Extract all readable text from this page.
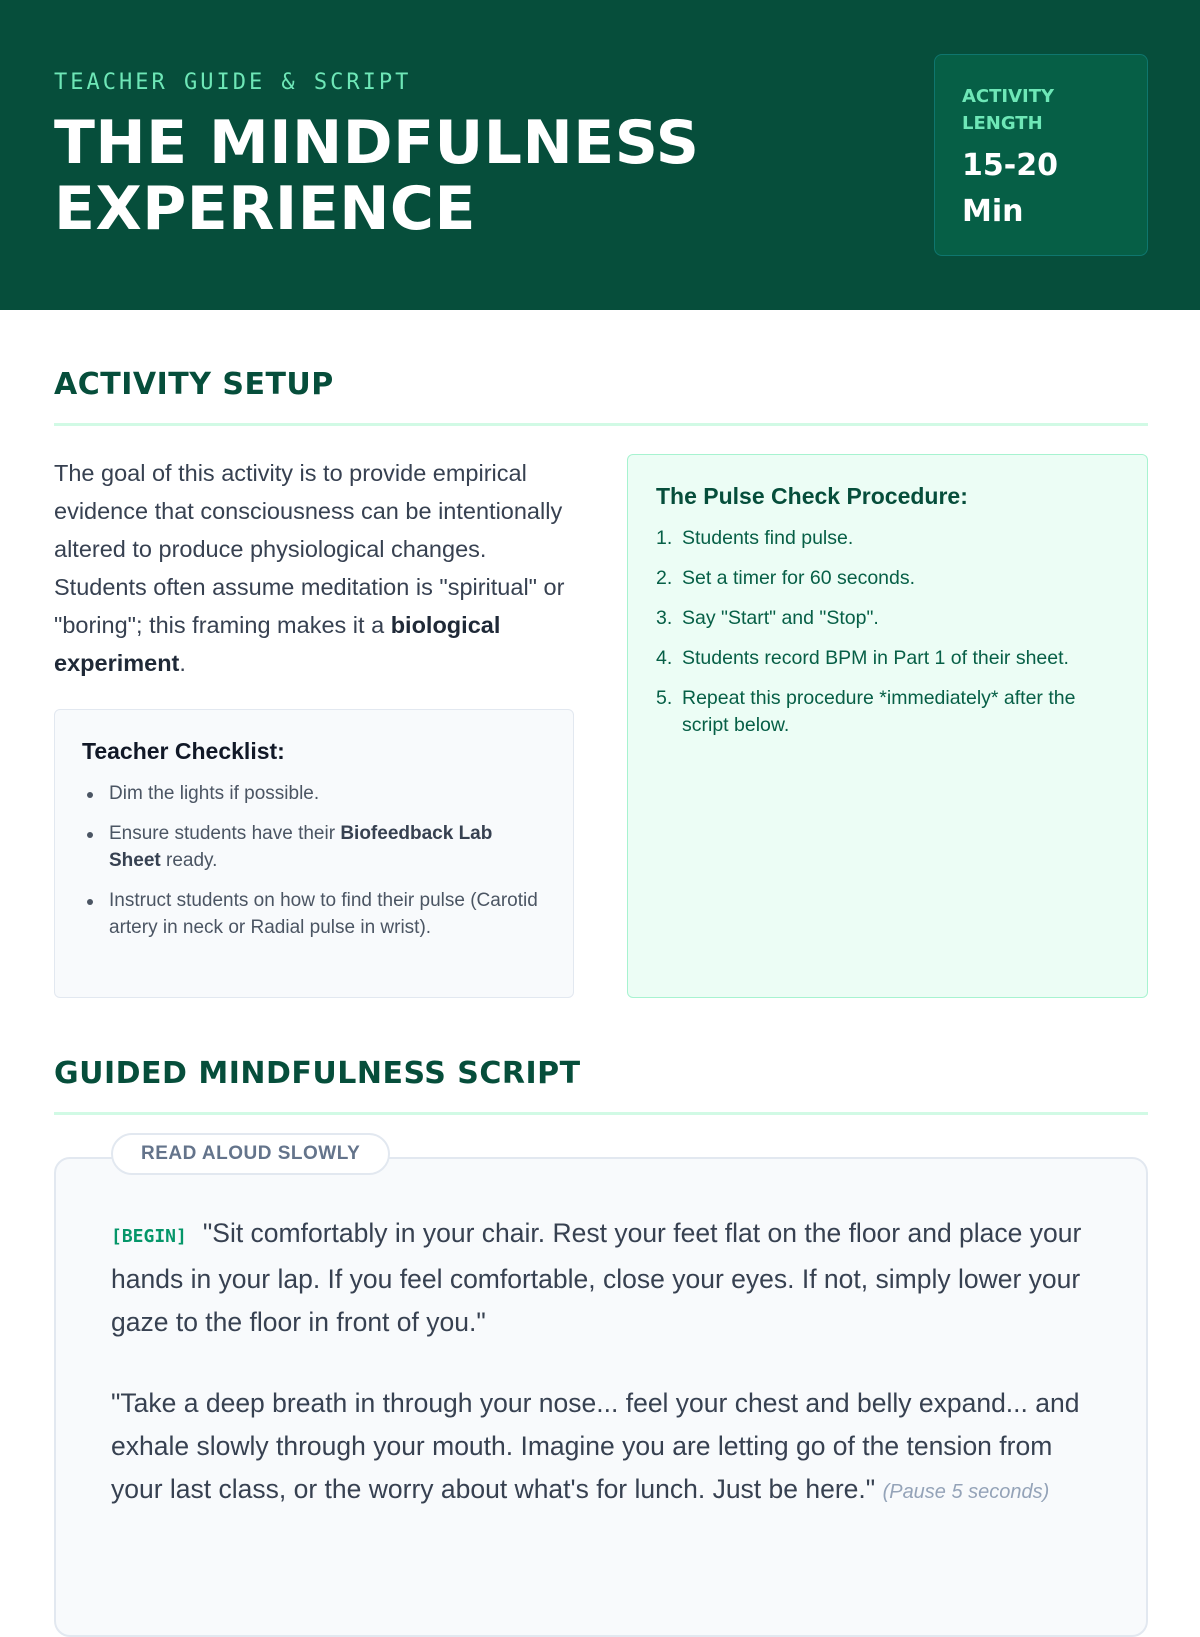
TEACHER GUIDE & SCRIPT
THE MINDFULNESS
EXPERIENCE
ACTIVITY
LENGTH
15-20
Min
ACTIVITY SETUP

The goal of this activity is to provide empirical evidence that consciousness can be intentionally altered to produce physiological changes. Students often assume meditation is "spiritual" or "boring"; this framing makes it a biological experiment.

Teacher Checklist:
Dim the lights if possible.
Ensure students have their Biofeedback Lab Sheet ready.
Instruct students on how to find their pulse (Carotid artery in neck or Radial pulse in wrist).
The Pulse Check Procedure:
1. Students find pulse.
2. Set a timer for 60 seconds.
3. Say "Start" and "Stop".
4. Students record BPM in Part 1 of their sheet.
5. Repeat this procedure *immediately* after the script below.
GUIDED MINDFULNESS SCRIPT
READ ALOUD SLOWLY

[BEGIN] "Sit comfortably in your chair. Rest your feet flat on the floor and place your hands in your lap. If you feel comfortable, close your eyes. If not, simply lower your gaze to the floor in front of you."

"Take a deep breath in through your nose... feel your chest and belly expand... and exhale slowly through your mouth. Imagine you are letting go of the tension from your last class, or the worry about what's for lunch. Just be here." (Pause 5 seconds)
